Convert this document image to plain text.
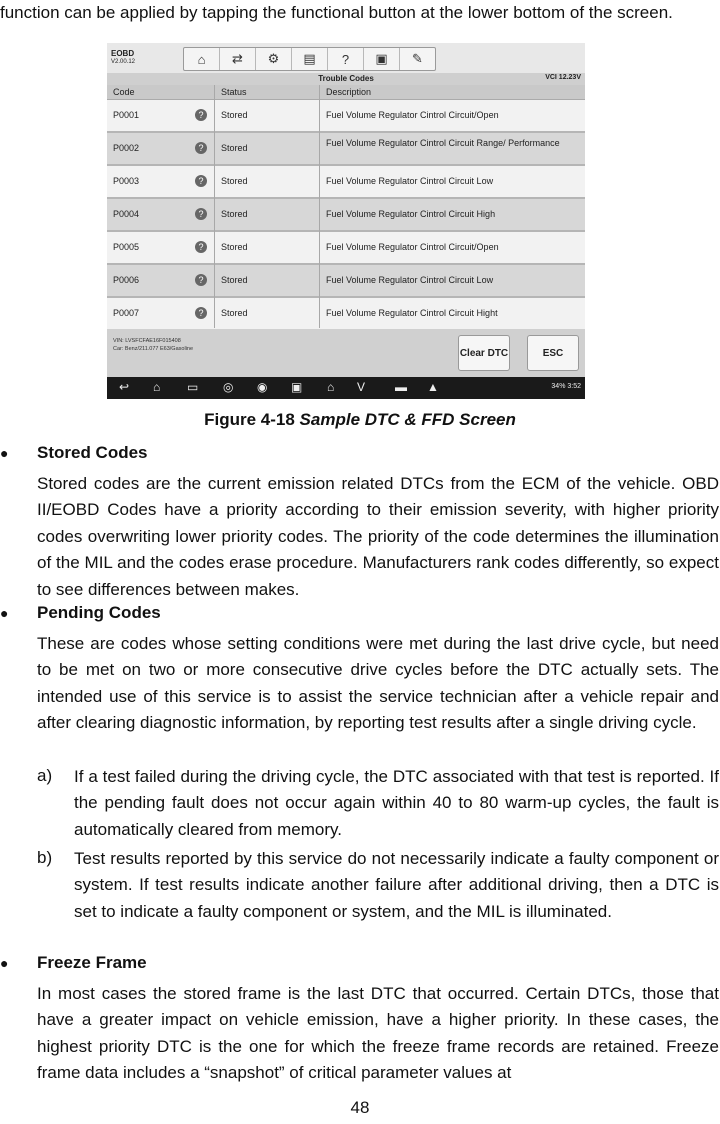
function can be applied by tapping the functional button at the lower bottom of the screen.

EOBD
V2.00.12	⌂	⇄	⚙	▤	?	▣	✎
Trouble Codes	VCI 12.23V
Code	Status	Description
P0001	?	Stored	Fuel Volume Regulator Cintrol Circuit/Open
P0002	?	Stored	Fuel Volume Regulator Cintrol Circuit Range/ Performance
P0003	?	Stored	Fuel Volume Regulator Cintrol Circuit Low
P0004	?	Stored	Fuel Volume Regulator Cintrol Circuit High
P0005	?	Stored	Fuel Volume Regulator Cintrol Circuit/Open
P0006	?	Stored	Fuel Volume Regulator Cintrol Circuit Low
P0007	?	Stored	Fuel Volume Regulator Cintrol Circuit Hight
VIN: LVSFCFAE16F015408
Car: Benz/211.077 E63/Gasoline	Clear DTC	ESC
↩ ⌂ ▭ ◎ ◉ ▣ ⌂ V ▬ ▲	34% 3:52
Figure 4-18 Sample DTC & FFD Screen
●	Stored Codes

Stored codes are the current emission related DTCs from the ECM of the vehicle. OBD II/EOBD Codes have a priority according to their emission severity, with higher priority codes overwriting lower priority codes. The priority of the code determines the illumination of the MIL and the codes erase procedure. Manufacturers rank codes differently, so expect to see differences between makes.

●	Pending Codes

These are codes whose setting conditions were met during the last drive cycle, but need to be met on two or more consecutive drive cycles before the DTC actually sets. The intended use of this service is to assist the service technician after a vehicle repair and after clearing diagnostic information, by reporting test results after a single driving cycle.

a) If a test failed during the driving cycle, the DTC associated with that test is reported. If the pending fault does not occur again within 40 to 80 warm-up cycles, the fault is automatically cleared from memory.

b) Test results reported by this service do not necessarily indicate a faulty component or system. If test results indicate another failure after additional driving, then a DTC is set to indicate a faulty component or system, and the MIL is illuminated.

●	Freeze Frame

In most cases the stored frame is the last DTC that occurred. Certain DTCs, those that have a greater impact on vehicle emission, have a higher priority. In these cases, the highest priority DTC is the one for which the freeze frame records are retained. Freeze frame data includes a “snapshot” of critical parameter values at

48
